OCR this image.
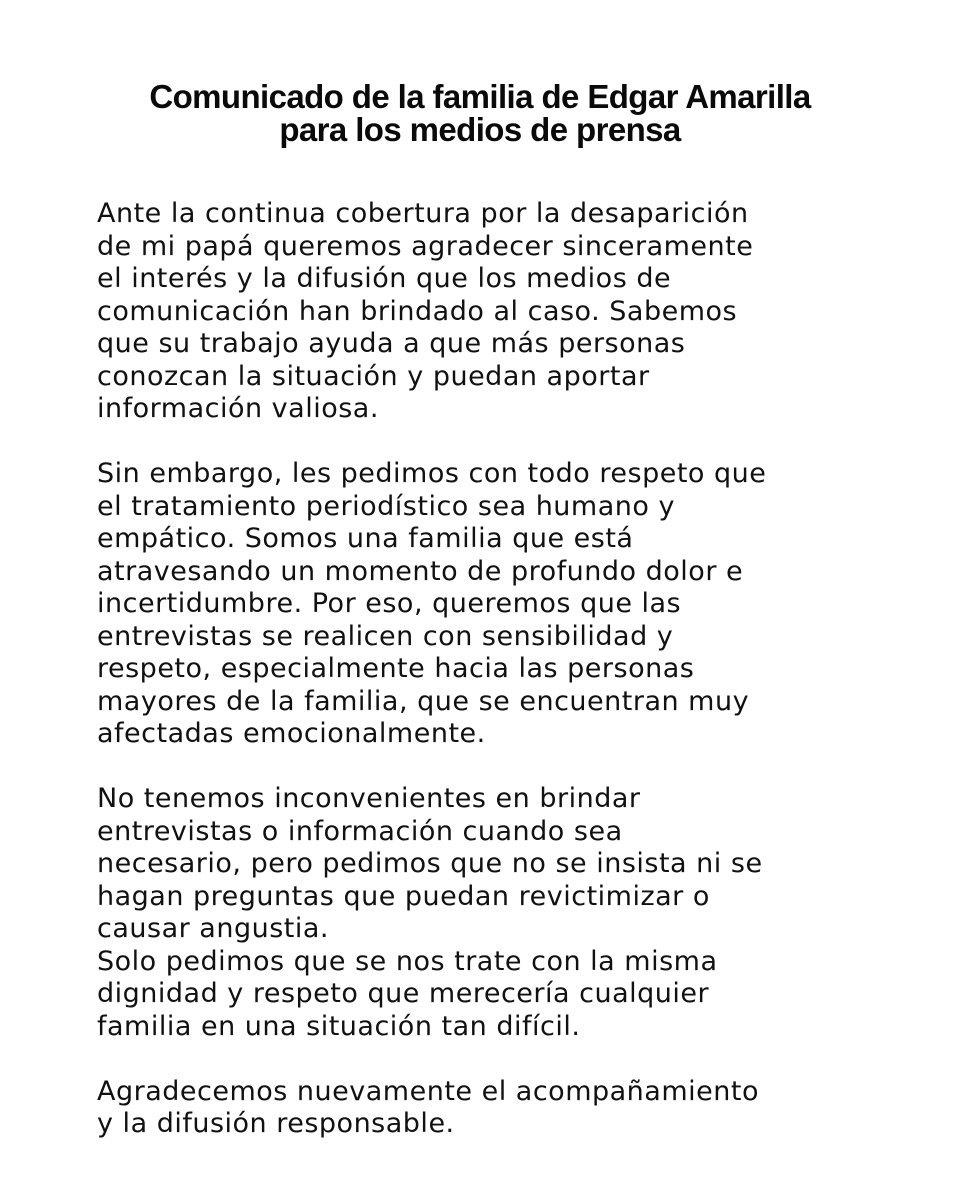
Comunicado de la familia de Edgar Amarilla
para los medios de prensa

Ante la continua cobertura por la desaparición
de mi papá queremos agradecer sinceramente
el interés y la difusión que los medios de
comunicación han brindado al caso. Sabemos
que su trabajo ayuda a que más personas
conozcan la situación y puedan aportar
información valiosa.

Sin embargo, les pedimos con todo respeto que
el tratamiento periodístico sea humano y
empático. Somos una familia que está
atravesando un momento de profundo dolor e
incertidumbre. Por eso, queremos que las
entrevistas se realicen con sensibilidad y
respeto, especialmente hacia las personas
mayores de la familia, que se encuentran muy
afectadas emocionalmente.

No tenemos inconvenientes en brindar
entrevistas o información cuando sea
necesario, pero pedimos que no se insista ni se
hagan preguntas que puedan revictimizar o
causar angustia.

Solo pedimos que se nos trate con la misma
dignidad y respeto que merecería cualquier
familia en una situación tan difícil.

Agradecemos nuevamente el acompañamiento
y la difusión responsable.
